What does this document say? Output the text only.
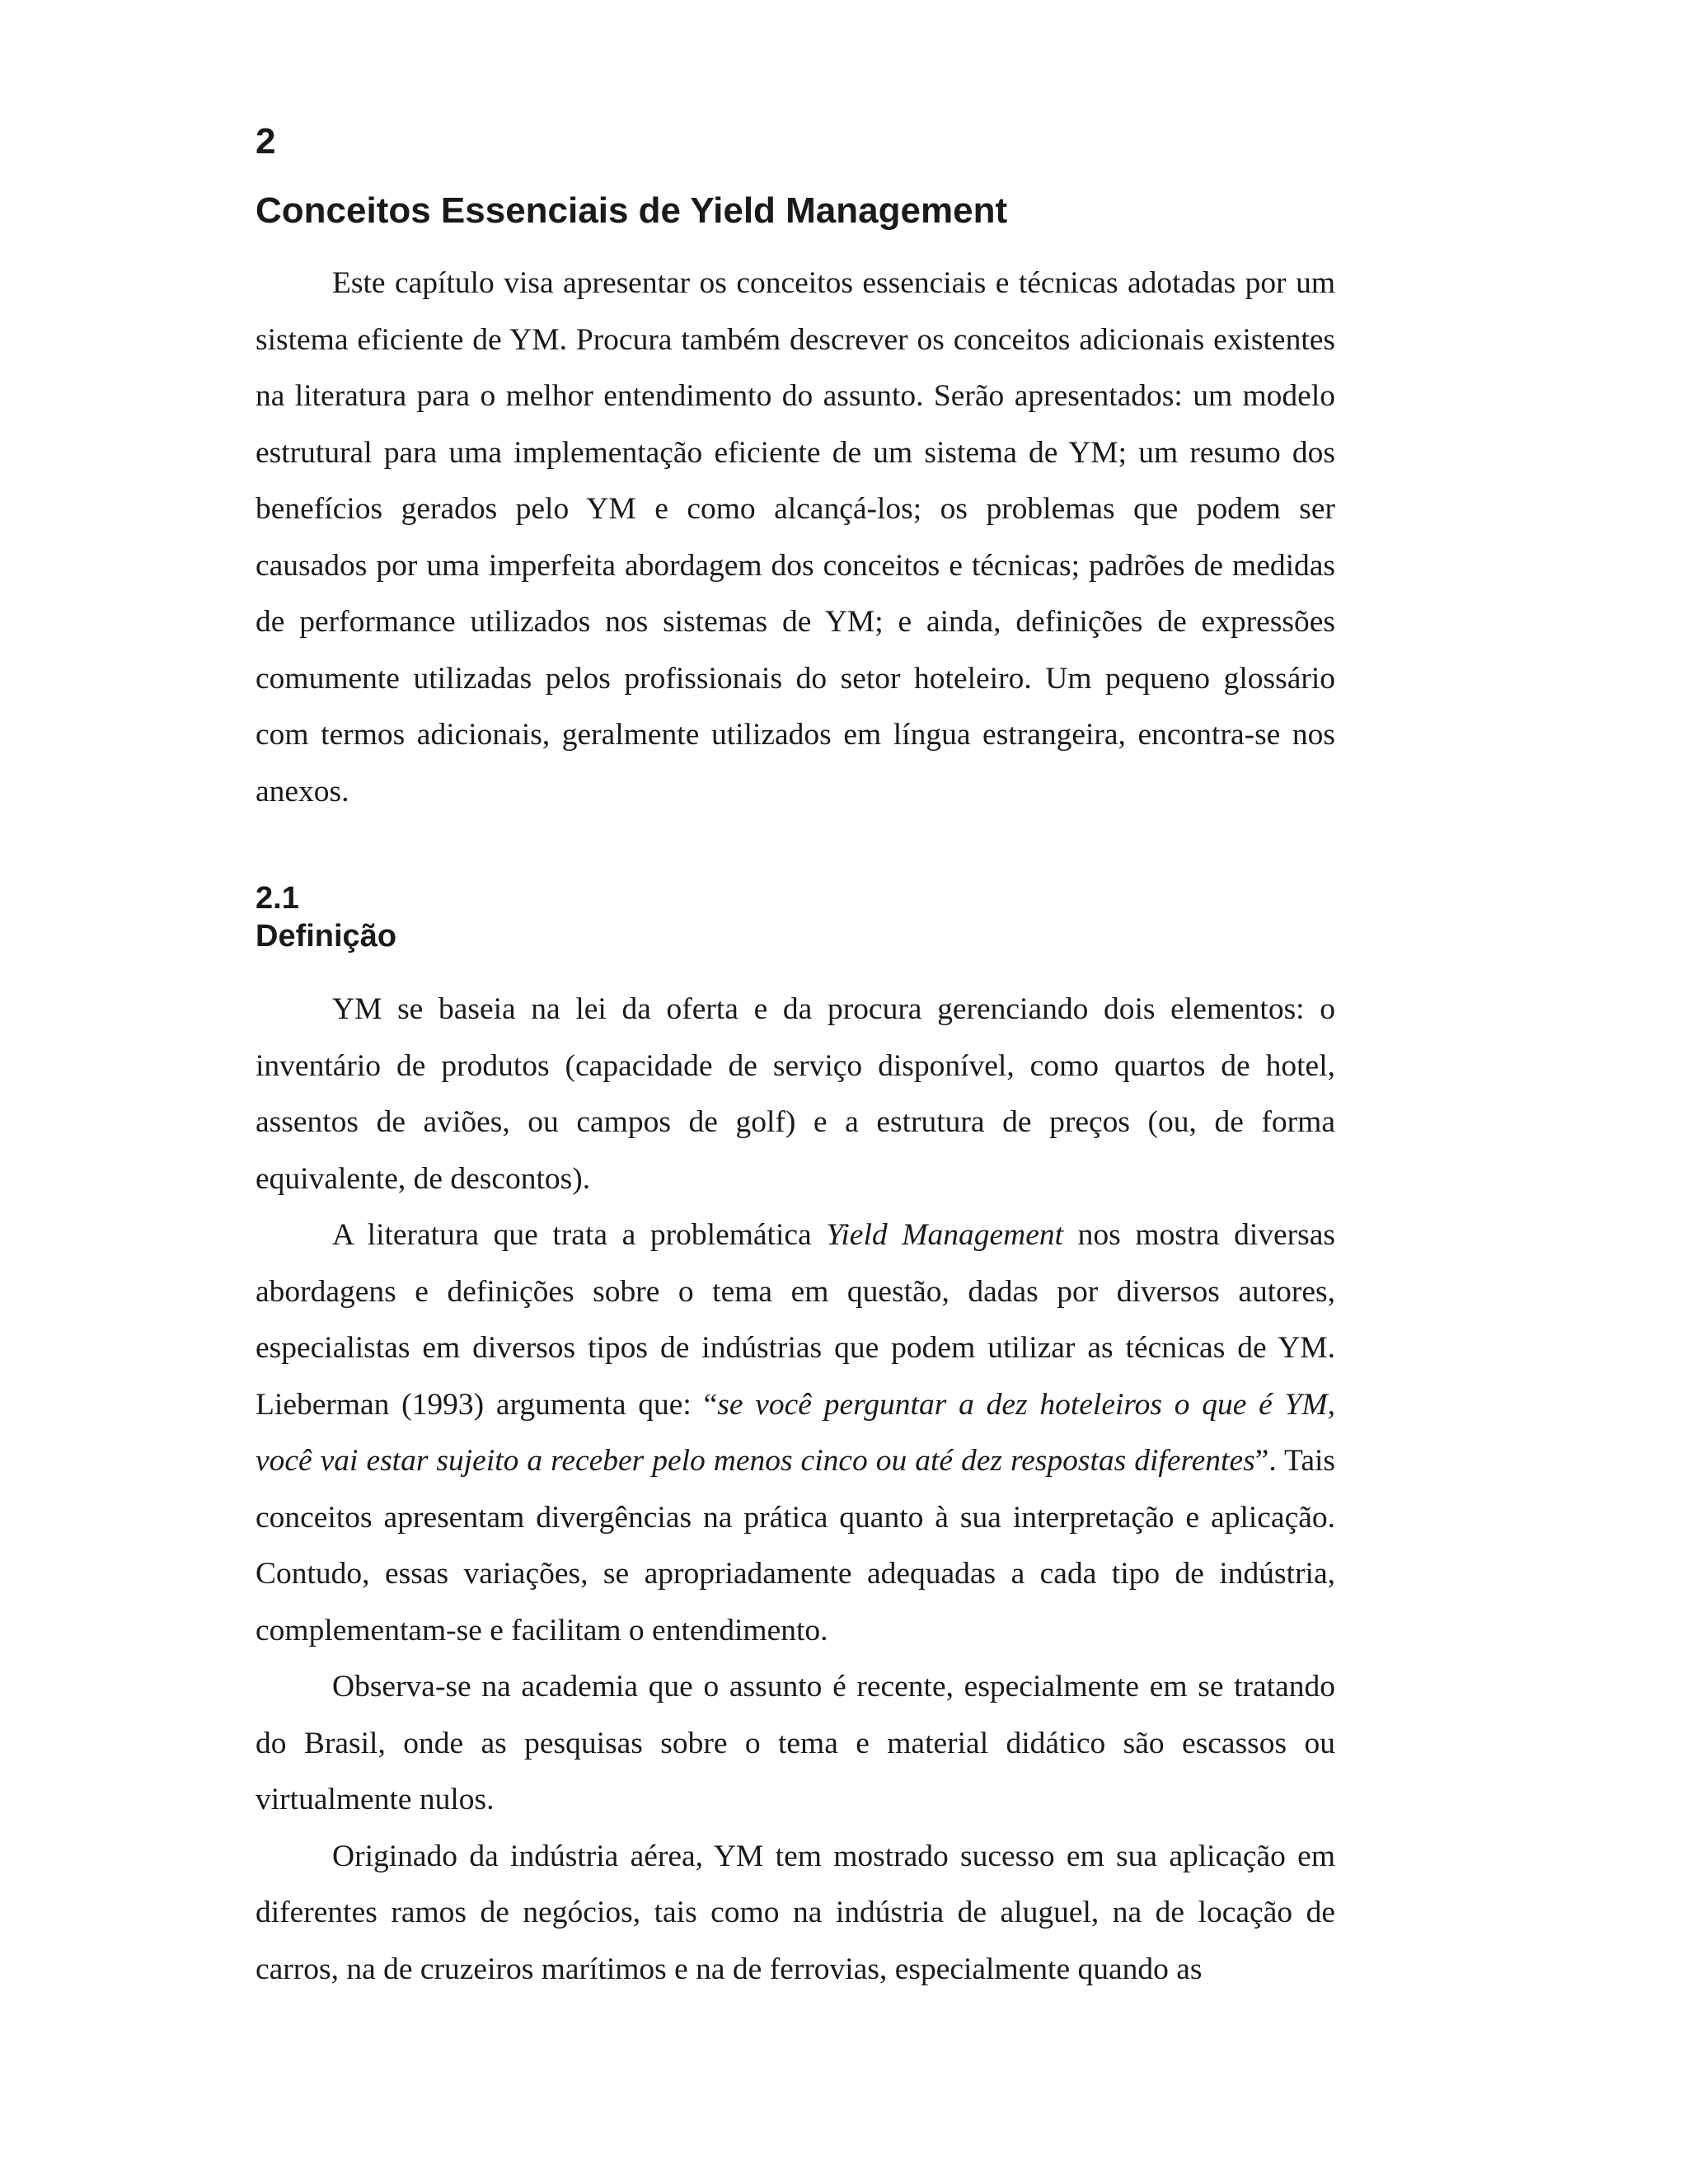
2
Conceitos Essenciais de Yield Management

Este capítulo visa apresentar os conceitos essenciais e técnicas adotadas por um sistema eficiente de YM. Procura também descrever os conceitos adicionais existentes na literatura para o melhor entendimento do assunto. Serão apresentados: um modelo estrutural para uma implementação eficiente de um sistema de YM; um resumo dos benefícios gerados pelo YM e como alcançá-los; os problemas que podem ser causados por uma imperfeita abordagem dos conceitos e técnicas; padrões de medidas de performance utilizados nos sistemas de YM; e ainda, definições de expressões comumente utilizadas pelos profissionais do setor hoteleiro. Um pequeno glossário com termos adicionais, geralmente utilizados em língua estrangeira, encontra-se nos anexos.

2.1
Definição

YM se baseia na lei da oferta e da procura gerenciando dois elementos: o inventário de produtos (capacidade de serviço disponível, como quartos de hotel, assentos de aviões, ou campos de golf) e a estrutura de preços (ou, de forma equivalente, de descontos).

A literatura que trata a problemática Yield Management nos mostra diversas abordagens e definições sobre o tema em questão, dadas por diversos autores, especialistas em diversos tipos de indústrias que podem utilizar as técnicas de YM. Lieberman (1993) argumenta que: “se você perguntar a dez hoteleiros o que é YM, você vai estar sujeito a receber pelo menos cinco ou até dez respostas diferentes”. Tais conceitos apresentam divergências na prática quanto à sua interpretação e aplicação. Contudo, essas variações, se apropriadamente adequadas a cada tipo de indústria, complementam-se e facilitam o entendimento.

Observa-se na academia que o assunto é recente, especialmente em se tratando do Brasil, onde as pesquisas sobre o tema e material didático são escassos ou virtualmente nulos.

Originado da indústria aérea, YM tem mostrado sucesso em sua aplicação em diferentes ramos de negócios, tais como na indústria de aluguel, na de locação de carros, na de cruzeiros marítimos e na de ferrovias, especialmente quando as
